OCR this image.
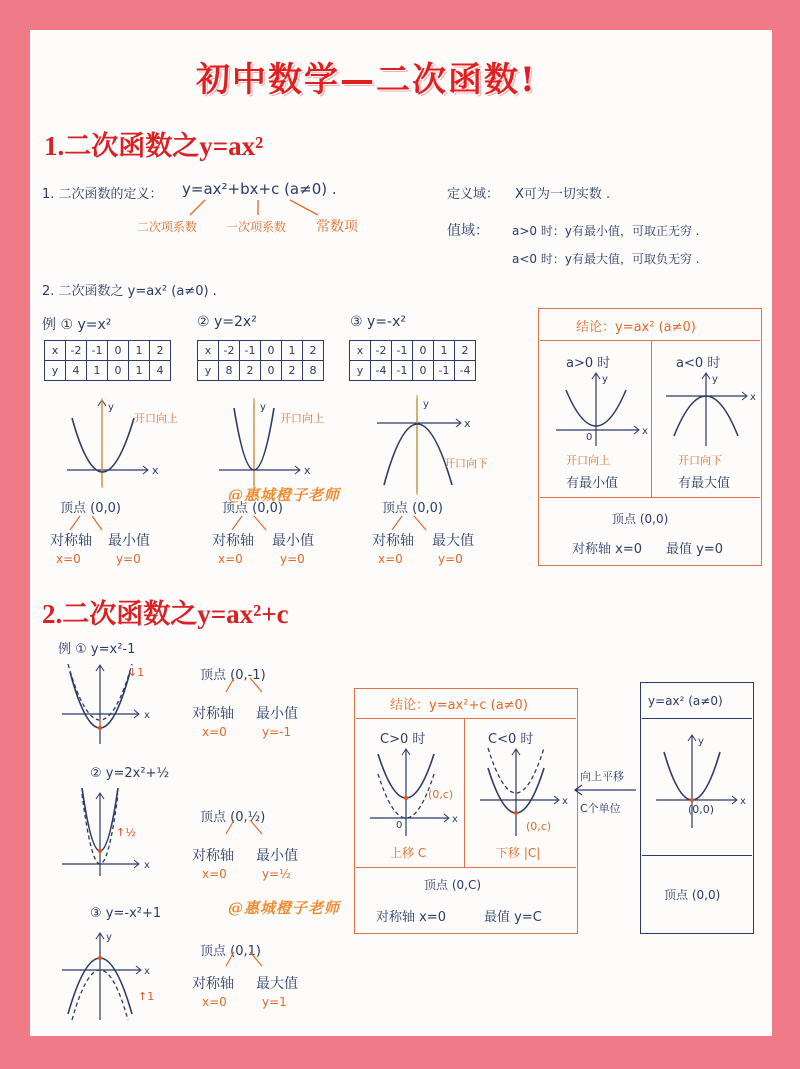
初中数学—二次函数!
1.二次函数之y=ax²
1. 二次函数的定义： y=ax²+bx+c (a≠0) .
二次项系数 一次项系数 常数项
定义域： X可为一切实数 .
值域： a>0 时：y有最小值，可取正无穷 .
a<0 时：y有最大值，可取负无穷 .
2. 二次函数之 y=ax² (a≠0) .
例 ① y=x²	② y=2x²	③ y=-x²
x	-2	-1	0	1	2
y	4	1	0	1	4
x	-2	-1	0	1	2
y	8	2	0	2	8
x	-2	-1	0	1	2
y	-4	-1	0	-1	-4
y
x
开口向上
y
x
开口向上
y
x
开口向下
顶点 (0,0)
对称轴 最小值
x=0	y=0
顶点 (0,0)
对称轴 最小值
x=0	y=0
顶点 (0,0)
对称轴 最大值
x=0	y=0
@惠城橙子老师
结论：y=ax² (a≠0)
a>0 时	a<0 时
y
0
x
y
x
开口向上	开口向下
有最小值	有最大值
顶点 (0,0)
对称轴 x=0 最值 y=0
2.二次函数之y=ax²+c
例 ① y=x²-1
x
↓1	顶点 (0,-1)
对称轴 最小值
x=0	y=-1
② y=2x²+½
x
↑½
顶点 (0,½)
对称轴 最小值
x=0	y=½
③ y=-x²+1
x
y
↑1
顶点 (0,1)
对称轴 最大值
x=0	y=1
@惠城橙子老师
结论：y=ax²+c (a≠0)
C>0 时	C<0 时
0
x
(0,c)
x
(0,c)
上移 C	下移 |C|
顶点 (0,C)
对称轴 x=0	最值 y=C
向上平移
C个单位
y=ax² (a≠0)
y
x
(0,0)
顶点 (0,0)
